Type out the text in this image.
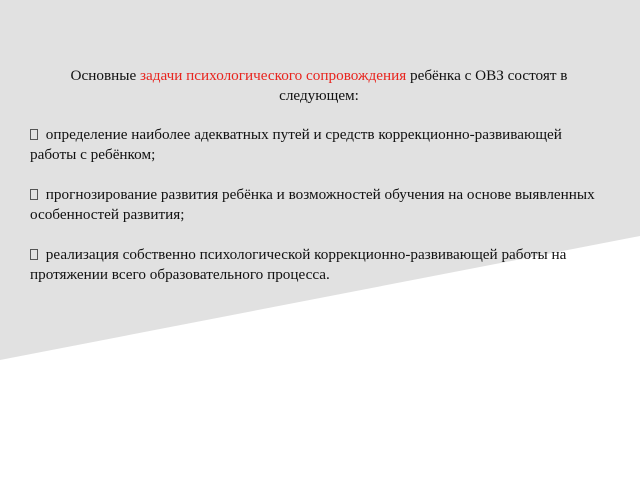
Основные задачи психологического сопровождения ребёнка с ОВЗ состоят в следующем:

определение наиболее адекватных путей и средств коррекционно-развивающей работы с ребёнком;

прогнозирование развития ребёнка и возможностей обучения на основе выявленных особенностей развития;

реализация собственно психологической коррекционно-развивающей работы на протяжении всего образовательного процесса.
